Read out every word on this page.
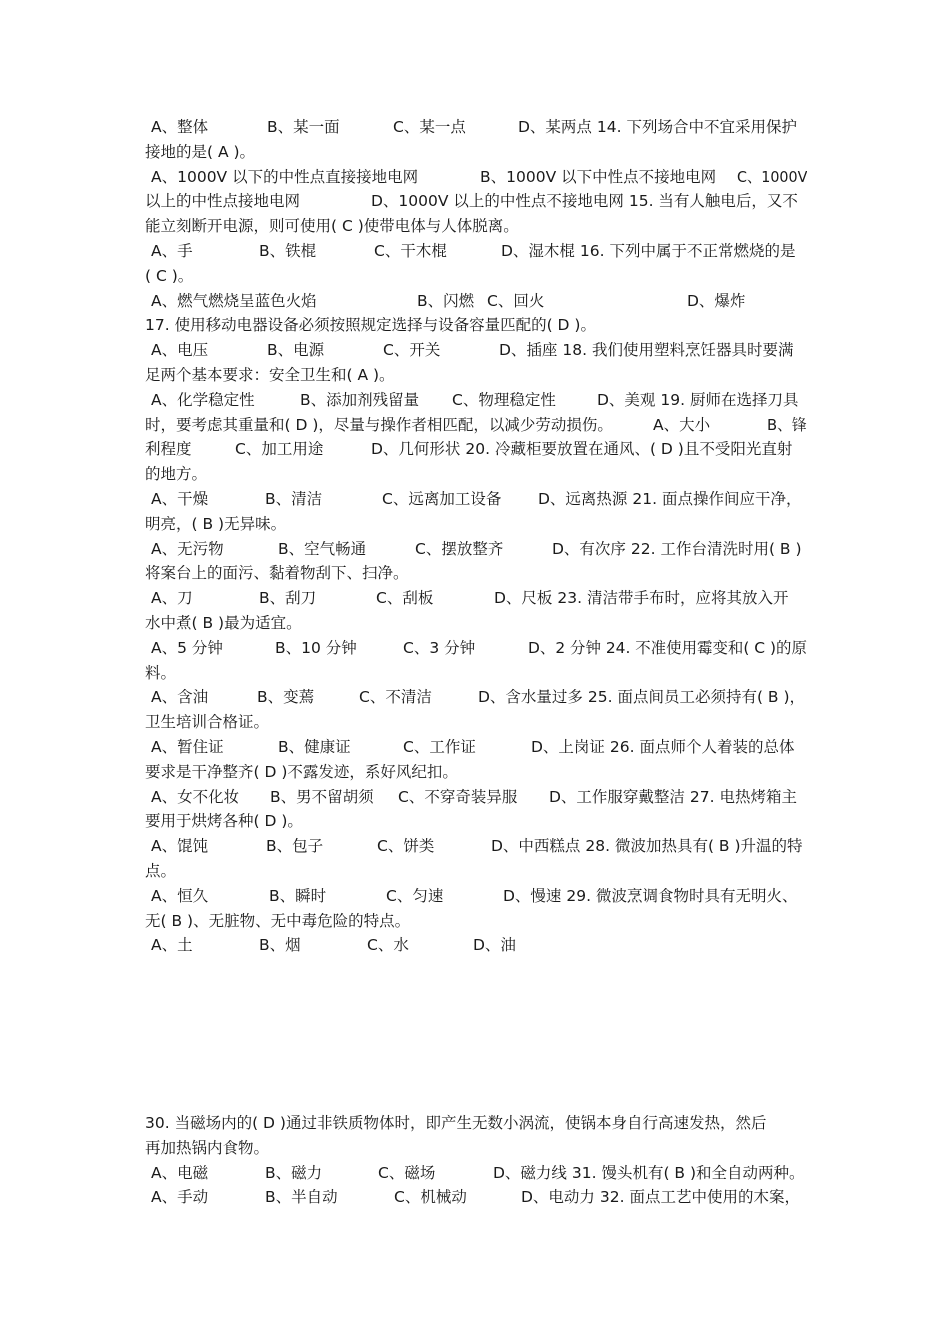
A、整体	B、某一面	C、某一点	D、某两点 14. 下列场合中不宜采用保护
接地的是( A )。
A、1000V 以下的中性点直接接地电网	B、1000V 以下中性点不接地电网 C、1000V
以上的中性点接地电网	D、1000V 以上的中性点不接地电网 15. 当有人触电后，又不
能立刻断开电源，则可使用( C )使带电体与人体脱离。
A、手	B、铁棍	C、干木棍	D、湿木棍 16. 下列中属于不正常燃烧的是
( C )。
A、燃气燃烧呈蓝色火焰	B、闪燃 C、回火	D、爆炸
17. 使用移动电器设备必须按照规定选择与设备容量匹配的( D )。
A、电压	B、电源	C、开关	D、插座 18. 我们使用塑料烹饪器具时要满
足两个基本要求：安全卫生和( A )。
A、化学稳定性	B、添加剂残留量 C、物理稳定性	D、美观 19. 厨师在选择刀具
时，要考虑其重量和( D )，尽量与操作者相匹配，以减少劳动损伤。	A、大小	B、锋
利程度	C、加工用途	D、几何形状 20. 冷藏柜要放置在通风、( D )且不受阳光直射
的地方。
A、干燥	B、清洁	C、远离加工设备 D、远离热源 21. 面点操作间应干净，
明亮，( B )无异味。
A、无污物	B、空气畅通	C、摆放整齐	D、有次序 22. 工作台清洗时用( B )
将案台上的面污、黏着物刮下、扫净。
A、刀	B、刮刀	C、刮板	D、尺板 23. 清洁带手布时，应将其放入开
水中煮( B )最为适宜。
A、5 分钟	B、10 分钟	C、3 分钟	D、2 分钟 24. 不准使用霉变和( C )的原
料。
A、含油	B、变蔫	C、不清洁	D、含水量过多 25. 面点间员工必须持有( B )，
卫生培训合格证。
A、暂住证	B、健康证	C、工作证	D、上岗证 26. 面点师个人着装的总体
要求是干净整齐( D )不露发迹，系好风纪扣。
A、女不化妆 B、男不留胡须 C、不穿奇装异服 D、工作服穿戴整洁 27. 电热烤箱主
要用于烘烤各种( D )。
A、馄饨	B、包子	C、饼类	D、中西糕点 28. 微波加热具有( B )升温的特
点。
A、恒久	B、瞬时	C、匀速	D、慢速 29. 微波烹调食物时具有无明火、
无( B )、无脏物、无中毒危险的特点。
A、土	B、烟	C、水	D、油
30. 当磁场内的( D )通过非铁质物体时，即产生无数小涡流，使锅本身自行高速发热，然后
再加热锅内食物。
A、电磁	B、磁力	C、磁场	D、磁力线 31. 馒头机有( B )和全自动两种。
A、手动	B、半自动	C、机械动	D、电动力 32. 面点工艺中使用的木案，
